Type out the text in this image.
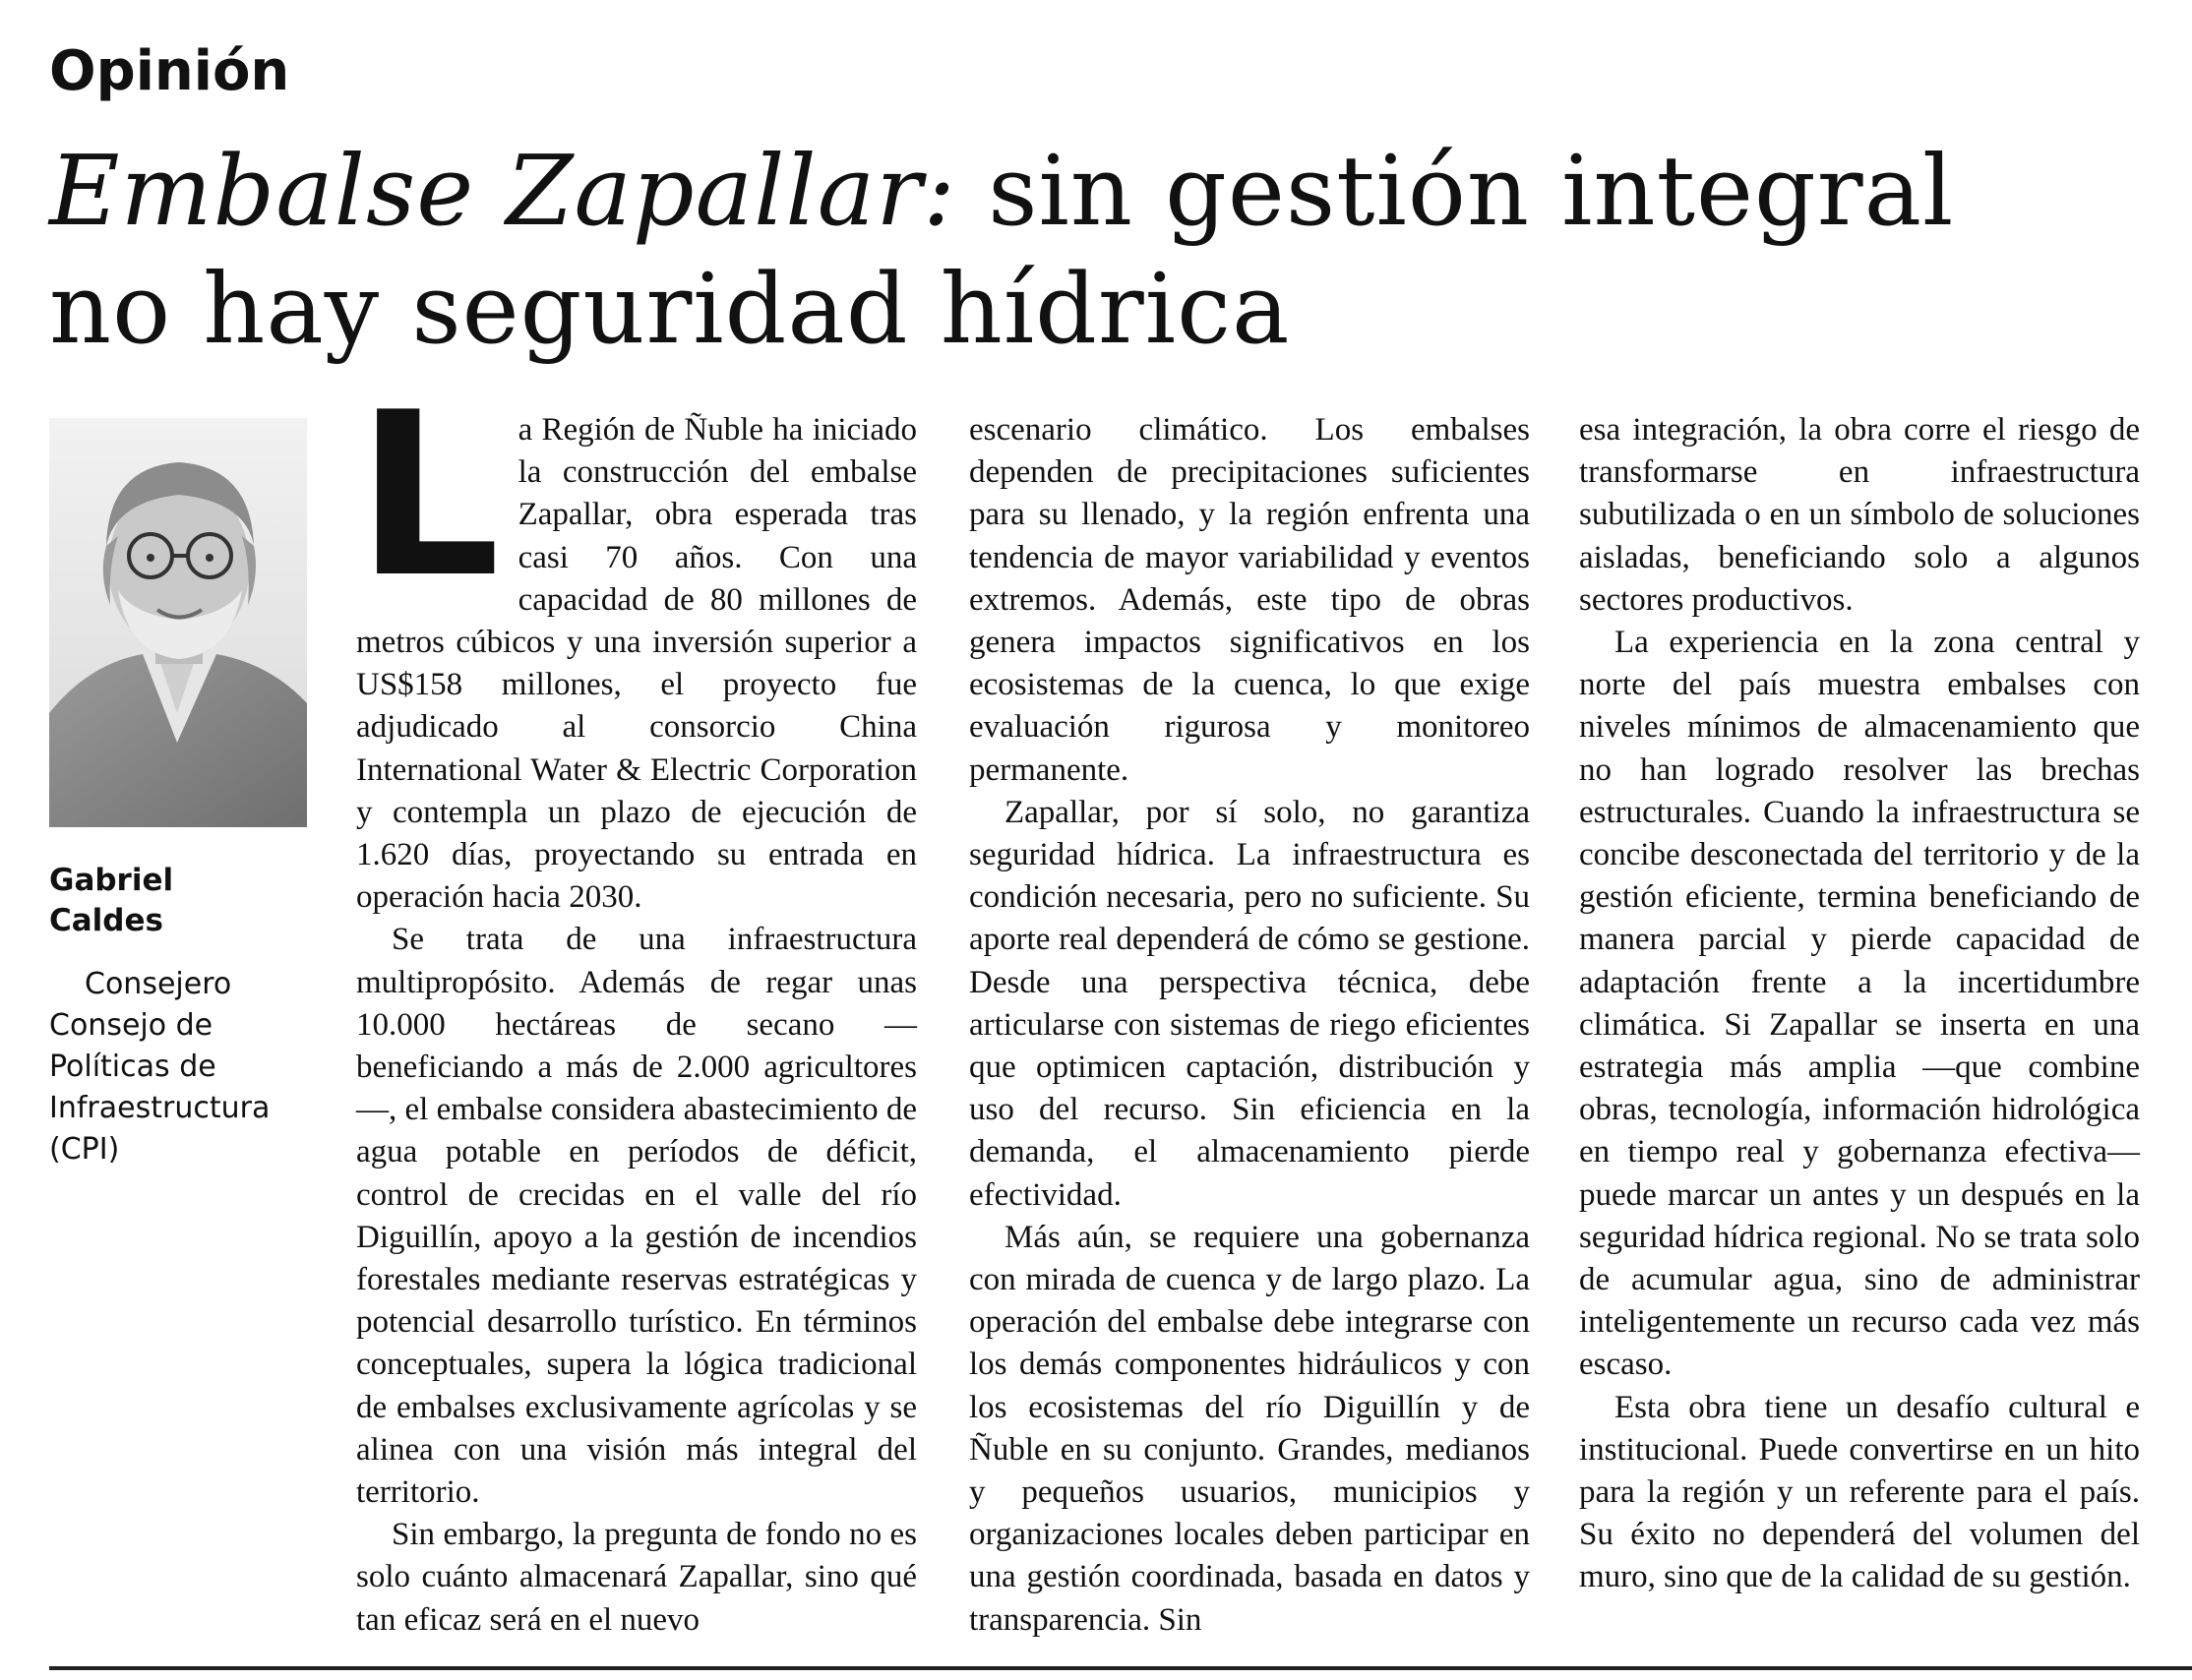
Opinión
Embalse Zapallar: sin gestión integral
no hay seguridad hídrica
Gabriel
Caldes
Consejero
Consejo de
Políticas de
Infraestructura
(CPI)
L a Región de Ñuble ha iniciado la construcción del embalse Zapallar, obra esperada tras casi 70 años. Con una capacidad de 80 millones de metros cúbicos y una inversión superior a US$158 millones, el proyecto fue adjudicado al consorcio China International Water & Electric Corporation y contempla un plazo de ejecución de 1.620 días, proyectando su entrada en operación hacia 2030.

Se trata de una infraestructura multipropósito. Además de regar unas 10.000 hectáreas de secano —beneficiando a más de 2.000 agricultores—, el embalse considera abastecimiento de agua potable en períodos de déficit, control de crecidas en el valle del río Diguillín, apoyo a la gestión de incendios forestales mediante reservas estratégicas y potencial desarrollo turístico. En términos conceptuales, supera la lógica tradicional de embalses exclusivamente agrícolas y se alinea con una visión más integral del territorio.

Sin embargo, la pregunta de fondo no es solo cuánto almacenará Zapallar, sino qué tan eficaz será en el nuevo

escenario climático. Los embalses dependen de precipitaciones suficientes para su llenado, y la región enfrenta una tendencia de mayor variabilidad y eventos extremos. Además, este tipo de obras genera impactos significativos en los ecosistemas de la cuenca, lo que exige evaluación rigurosa y monitoreo permanente.

Zapallar, por sí solo, no garantiza seguridad hídrica. La infraestructura es condición necesaria, pero no suficiente. Su aporte real dependerá de cómo se gestione. Desde una perspectiva técnica, debe articularse con sistemas de riego eficientes que optimicen captación, distribución y uso del recurso. Sin eficiencia en la demanda, el almacenamiento pierde efectividad.

Más aún, se requiere una gobernanza con mirada de cuenca y de largo plazo. La operación del embalse debe integrarse con los demás componentes hidráulicos y con los ecosistemas del río Diguillín y de Ñuble en su conjunto. Grandes, medianos y pequeños usuarios, municipios y organizaciones locales deben participar en una gestión coordinada, basada en datos y transparencia. Sin

esa integración, la obra corre el riesgo de transformarse en infraestructura subutilizada o en un símbolo de soluciones aisladas, beneficiando solo a algunos sectores productivos.

La experiencia en la zona central y norte del país muestra embalses con niveles mínimos de almacenamiento que no han logrado resolver las brechas estructurales. Cuando la infraestructura se concibe desconectada del territorio y de la gestión eficiente, termina beneficiando de manera parcial y pierde capacidad de adaptación frente a la incertidumbre climática. Si Zapallar se inserta en una estrategia más amplia —que combine obras, tecnología, información hidrológica en tiempo real y gobernanza efectiva— puede marcar un antes y un después en la seguridad hídrica regional. No se trata solo de acumular agua, sino de administrar inteligentemente un recurso cada vez más escaso.

Esta obra tiene un desafío cultural e institucional. Puede convertirse en un hito para la región y un referente para el país. Su éxito no dependerá del volumen del muro, sino que de la calidad de su gestión.
